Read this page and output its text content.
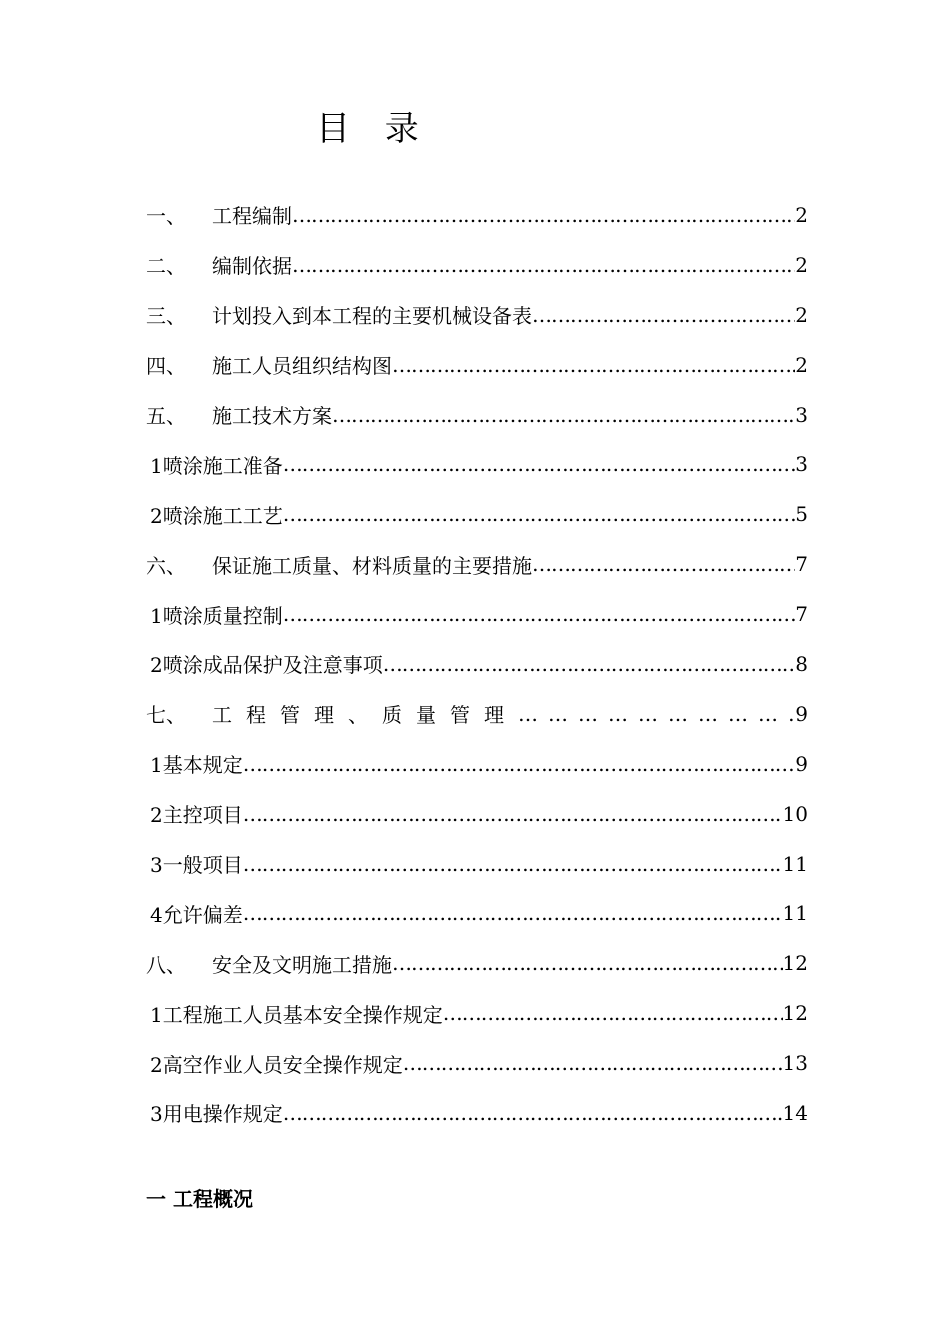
目 录
一、	工程编制 …………………………………………………………………………………………………………………………………………	2
二、	编制依据 …………………………………………………………………………………………………………………………………………	2
三、	计划投入到本工程的主要机械设备表 …………………………………………………………………………………………………………………………………………	2
四、	施工人员组织结构图 …………………………………………………………………………………………………………………………………………	2
五、	施工技术方案 …………………………………………………………………………………………………………………………………………	3
1喷涂施工准备 …………………………………………………………………………………………………………………………………………	3
2喷涂施工工艺 …………………………………………………………………………………………………………………………………………	5
六、	保证施工质量、材料质量的主要措施 …………………………………………………………………………………………………………………………………………	7
1喷涂质量控制 …………………………………………………………………………………………………………………………………………	7
2喷涂成品保护及注意事项 …………………………………………………………………………………………………………………………………………	8
七、	工程管理、质量管理 …………………………………………………………………………………………………………………………………………	9
1基本规定 …………………………………………………………………………………………………………………………………………	9
2主控项目 …………………………………………………………………………………………………………………………………………	10
3一般项目 …………………………………………………………………………………………………………………………………………	11
4允许偏差 …………………………………………………………………………………………………………………………………………	11
八、	安全及文明施工措施 …………………………………………………………………………………………………………………………………………	12
1工程施工人员基本安全操作规定 …………………………………………………………………………………………………………………………………………	12
2高空作业人员安全操作规定 …………………………………………………………………………………………………………………………………………	13
3用电操作规定 …………………………………………………………………………………………………………………………………………	14
一 工程概况
